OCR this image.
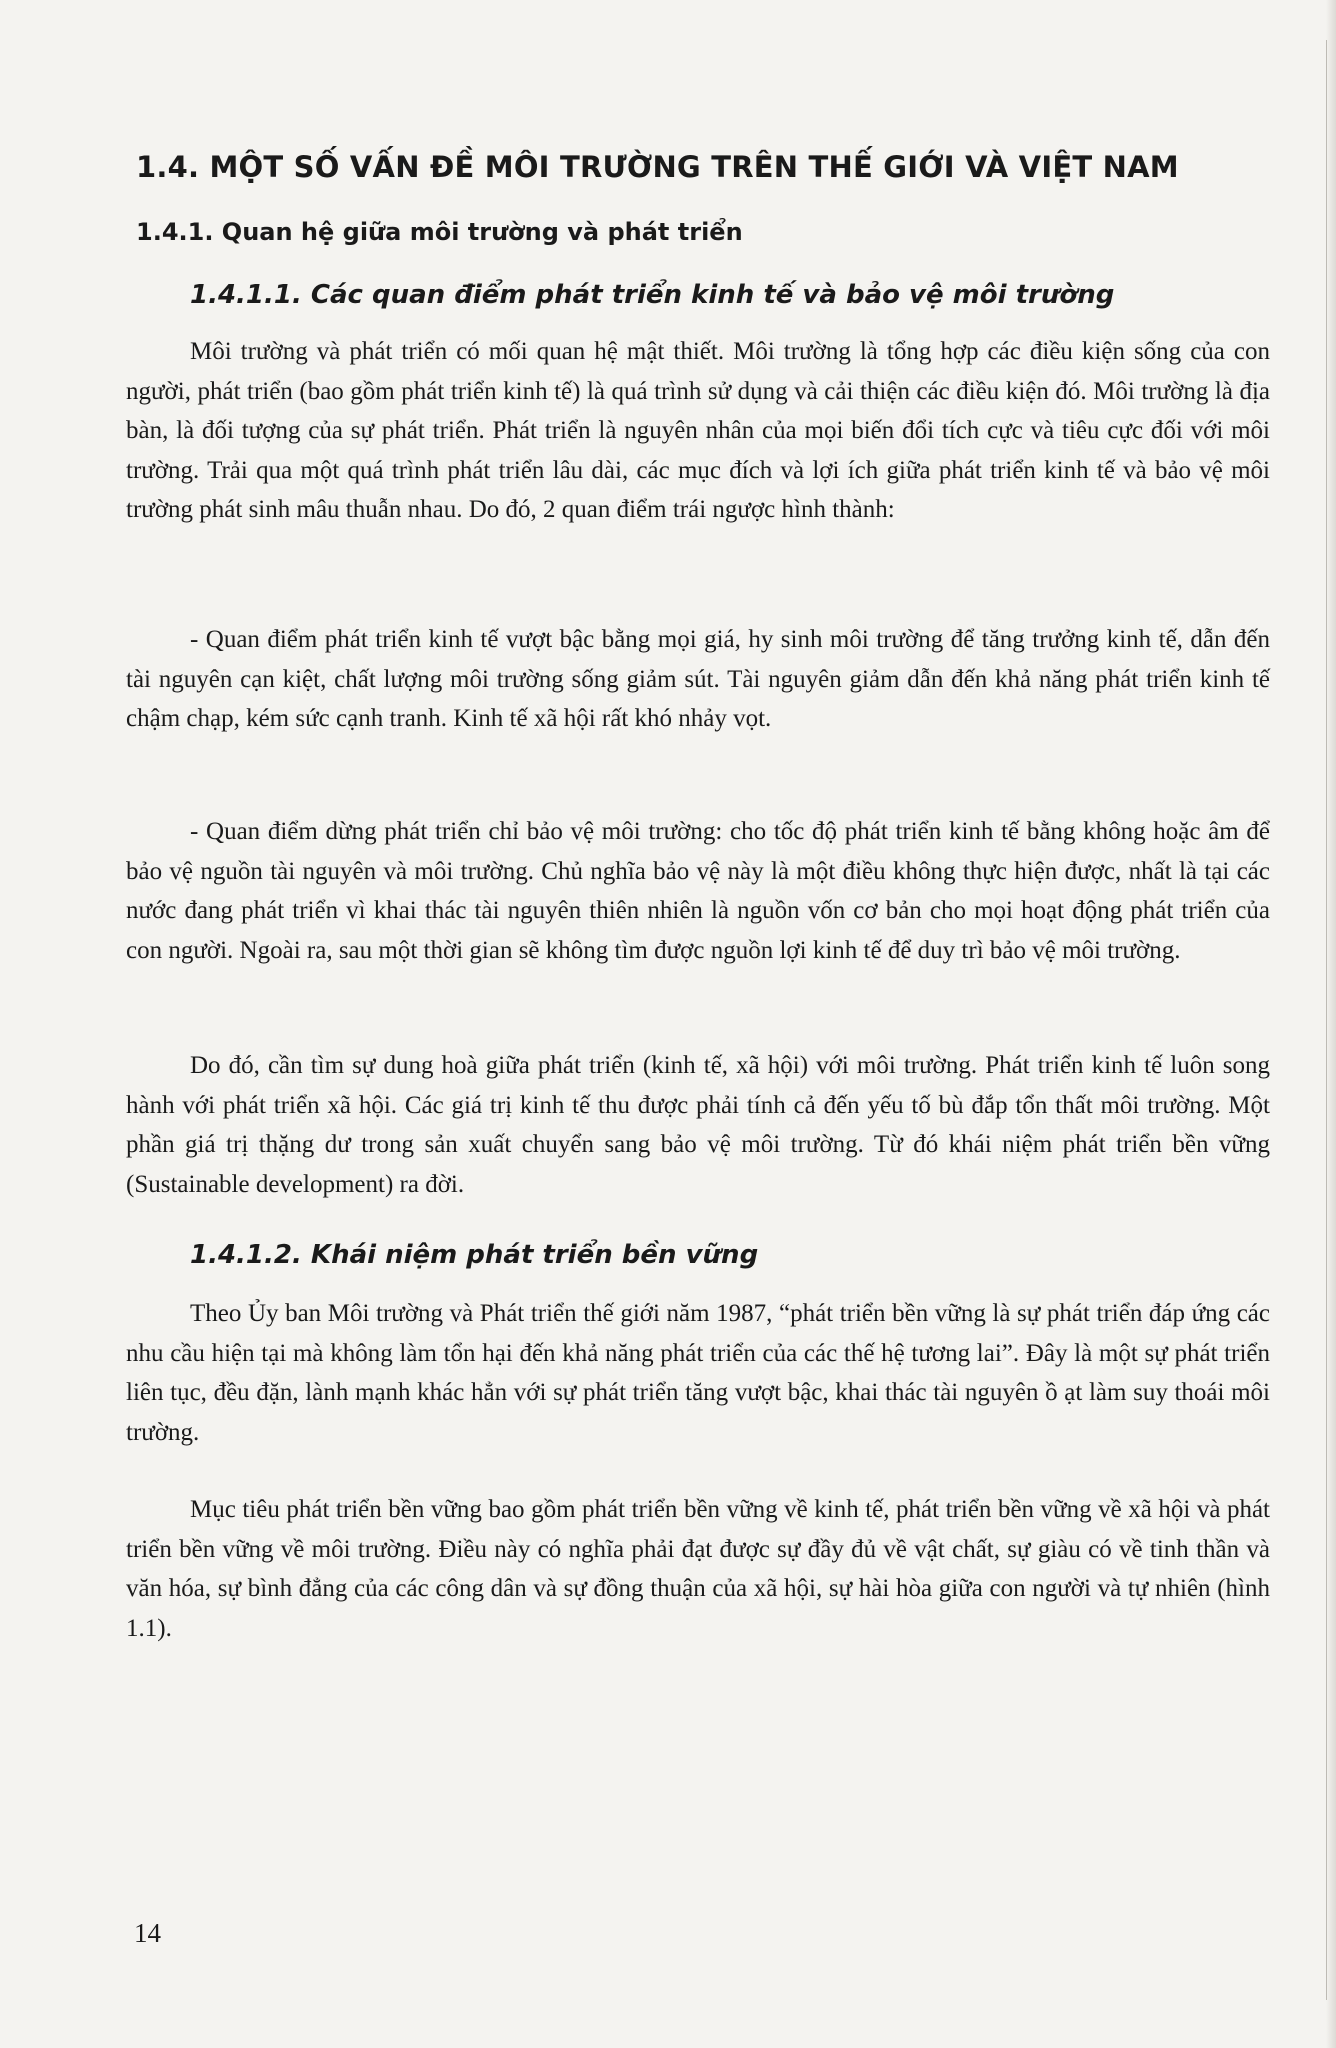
1.4. MỘT SỐ VẤN ĐỀ MÔI TRƯỜNG TRÊN THẾ GIỚI VÀ VIỆT NAM
1.4.1. Quan hệ giữa môi trường và phát triển
1.4.1.1. Các quan điểm phát triển kinh tế và bảo vệ môi trường

Môi trường và phát triển có mối quan hệ mật thiết. Môi trường là tổng hợp các điều kiện sống của con người, phát triển (bao gồm phát triển kinh tế) là quá trình sử dụng và cải thiện các điều kiện đó. Môi trường là địa bàn, là đối tượng của sự phát triển. Phát triển là nguyên nhân của mọi biến đổi tích cực và tiêu cực đối với môi trường. Trải qua một quá trình phát triển lâu dài, các mục đích và lợi ích giữa phát triển kinh tế và bảo vệ môi trường phát sinh mâu thuẫn nhau. Do đó, 2 quan điểm trái ngược hình thành:

- Quan điểm phát triển kinh tế vượt bậc bằng mọi giá, hy sinh môi trường để tăng trưởng kinh tế, dẫn đến tài nguyên cạn kiệt, chất lượng môi trường sống giảm sút. Tài nguyên giảm dẫn đến khả năng phát triển kinh tế chậm chạp, kém sức cạnh tranh. Kinh tế xã hội rất khó nhảy vọt.

- Quan điểm dừng phát triển chỉ bảo vệ môi trường: cho tốc độ phát triển kinh tế bằng không hoặc âm để bảo vệ nguồn tài nguyên và môi trường. Chủ nghĩa bảo vệ này là một điều không thực hiện được, nhất là tại các nước đang phát triển vì khai thác tài nguyên thiên nhiên là nguồn vốn cơ bản cho mọi hoạt động phát triển của con người. Ngoài ra, sau một thời gian sẽ không tìm được nguồn lợi kinh tế để duy trì bảo vệ môi trường.

Do đó, cần tìm sự dung hoà giữa phát triển (kinh tế, xã hội) với môi trường. Phát triển kinh tế luôn song hành với phát triển xã hội. Các giá trị kinh tế thu được phải tính cả đến yếu tố bù đắp tổn thất môi trường. Một phần giá trị thặng dư trong sản xuất chuyển sang bảo vệ môi trường. Từ đó khái niệm phát triển bền vững (Sustainable development) ra đời.

1.4.1.2. Khái niệm phát triển bền vững

Theo Ủy ban Môi trường và Phát triển thế giới năm 1987, “phát triển bền vững là sự phát triển đáp ứng các nhu cầu hiện tại mà không làm tổn hại đến khả năng phát triển của các thế hệ tương lai”. Đây là một sự phát triển liên tục, đều đặn, lành mạnh khác hẳn với sự phát triển tăng vượt bậc, khai thác tài nguyên ồ ạt làm suy thoái môi trường.

Mục tiêu phát triển bền vững bao gồm phát triển bền vững về kinh tế, phát triển bền vững về xã hội và phát triển bền vững về môi trường. Điều này có nghĩa phải đạt được sự đầy đủ về vật chất, sự giàu có về tinh thần và văn hóa, sự bình đẳng của các công dân và sự đồng thuận của xã hội, sự hài hòa giữa con người và tự nhiên (hình 1.1).

14
